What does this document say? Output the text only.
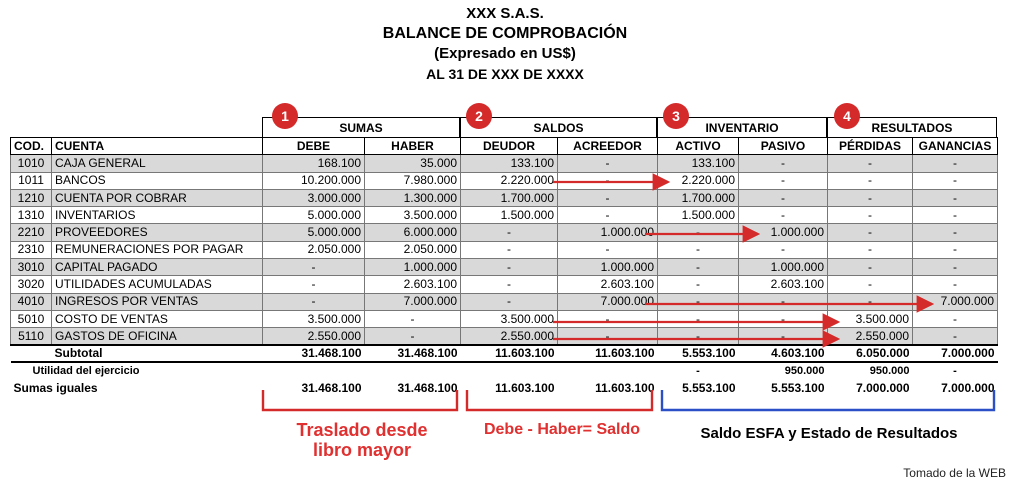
XXX S.A.S.
BALANCE DE COMPROBACIÓN
(Expresado en US$)
AL 31 DE XXX DE XXXX
SUMAS	SALDOS	INVENTARIO	RESULTADOS
1	2	3	4
COD.	CUENTA	DEBE	HABER	DEUDOR	ACREEDOR	ACTIVO	PASIVO	PÉRDIDAS	GANANCIAS
1010	CAJA GENERAL	168.100	35.000	133.100	-	133.100	-	-	-
1011	BANCOS	10.200.000	7.980.000	2.220.000	-	2.220.000	-	-	-
1210	CUENTA POR COBRAR	3.000.000	1.300.000	1.700.000	-	1.700.000	-	-	-
1310	INVENTARIOS	5.000.000	3.500.000	1.500.000	-	1.500.000	-	-	-
2210	PROVEEDORES	5.000.000	6.000.000	-	1.000.000	-	1.000.000	-	-
2310	REMUNERACIONES POR PAGAR	2.050.000	2.050.000	-	-	-	-	-	-
3010	CAPITAL PAGADO	-	1.000.000	-	1.000.000	-	1.000.000	-	-
3020	UTILIDADES ACUMULADAS	-	2.603.100	-	2.603.100	-	2.603.100	-	-
4010	INGRESOS POR VENTAS	-	7.000.000	-	7.000.000	-	-	-	7.000.000
5010	COSTO DE VENTAS	3.500.000	-	3.500.000	-	-	-	3.500.000	-
5110	GASTOS DE OFICINA	2.550.000	-	2.550.000	-	-	-	2.550.000	-
	Subtotal	31.468.100	31.468.100	11.603.100	11.603.100	5.553.100	4.603.100	6.050.000	7.000.000
Utilidad del ejercicio						-	950.000	950.000	-
Sumas iguales		31.468.100	31.468.100	11.603.100	11.603.100	5.553.100	5.553.100	7.000.000	7.000.000
Traslado desde
libro mayor
Debe - Haber= Saldo	Saldo ESFA y Estado de Resultados
Tomado de la WEB
